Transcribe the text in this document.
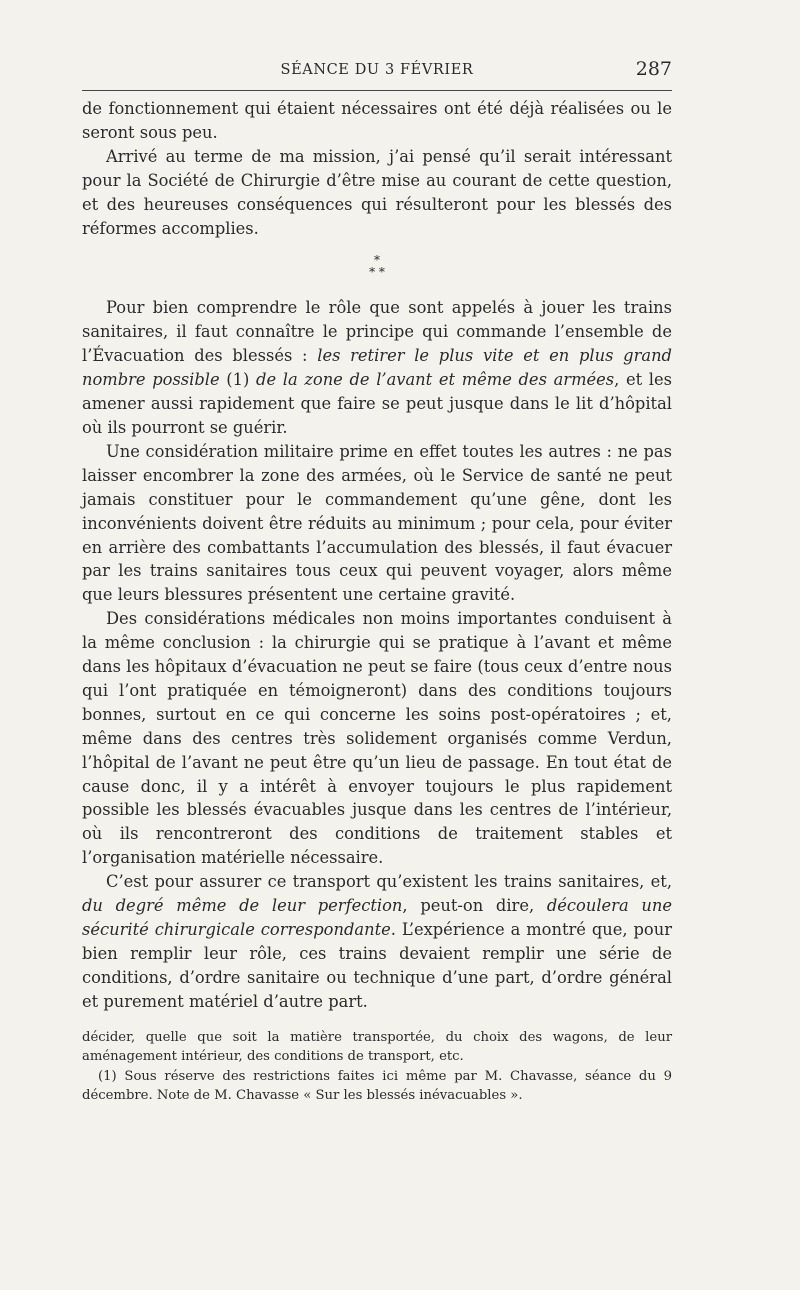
SÉANCE DU 3 FÉVRIER	287

de fonctionnement qui étaient nécessaires ont été déjà réalisées ou le seront sous peu.

Arrivé au terme de ma mission, j’ai pensé qu’il serait intéressant pour la Société de Chirurgie d’être mise au courant de cette question, et des heureuses conséquences qui résulteront pour les blessés des réformes accomplies.

*
* *

Pour bien comprendre le rôle que sont appelés à jouer les trains sanitaires, il faut connaître le principe qui commande l’ensemble de l’Évacuation des blessés : les retirer le plus vite et en plus grand nombre possible (1) de la zone de l’avant et même des armées, et les amener aussi rapidement que faire se peut jusque dans le lit d’hôpital où ils pourront se guérir.

Une considération militaire prime en effet toutes les autres : ne pas laisser encombrer la zone des armées, où le Service de santé ne peut jamais constituer pour le commandement qu’une gêne, dont les inconvénients doivent être réduits au minimum ; pour cela, pour éviter en arrière des combattants l’accumulation des blessés, il faut évacuer par les trains sanitaires tous ceux qui peuvent voyager, alors même que leurs blessures présentent une certaine gravité.

Des considérations médicales non moins importantes conduisent à la même conclusion : la chirurgie qui se pratique à l’avant et même dans les hôpitaux d’évacuation ne peut se faire (tous ceux d’entre nous qui l’ont pratiquée en témoigneront) dans des conditions toujours bonnes, surtout en ce qui concerne les soins post-opératoires ; et, même dans des centres très solidement organisés comme Verdun, l’hôpital de l’avant ne peut être qu’un lieu de passage. En tout état de cause donc, il y a intérêt à envoyer toujours le plus rapidement possible les blessés évacuables jusque dans les centres de l’intérieur, où ils rencontreront des conditions de traitement stables et l’organisation matérielle nécessaire.

C’est pour assurer ce transport qu’existent les trains sanitaires, et, du degré même de leur perfection, peut-on dire, découlera une sécurité chirurgicale correspondante. L’expérience a montré que, pour bien remplir leur rôle, ces trains devaient remplir une série de conditions, d’ordre sanitaire ou technique d’une part, d’ordre général et purement matériel d’autre part.

décider, quelle que soit la matière transportée, du choix des wagons, de leur aménagement intérieur, des conditions de transport, etc.

(1) Sous réserve des restrictions faites ici même par M. Chavasse, séance du 9 décembre. Note de M. Chavasse « Sur les blessés inévacuables ».
